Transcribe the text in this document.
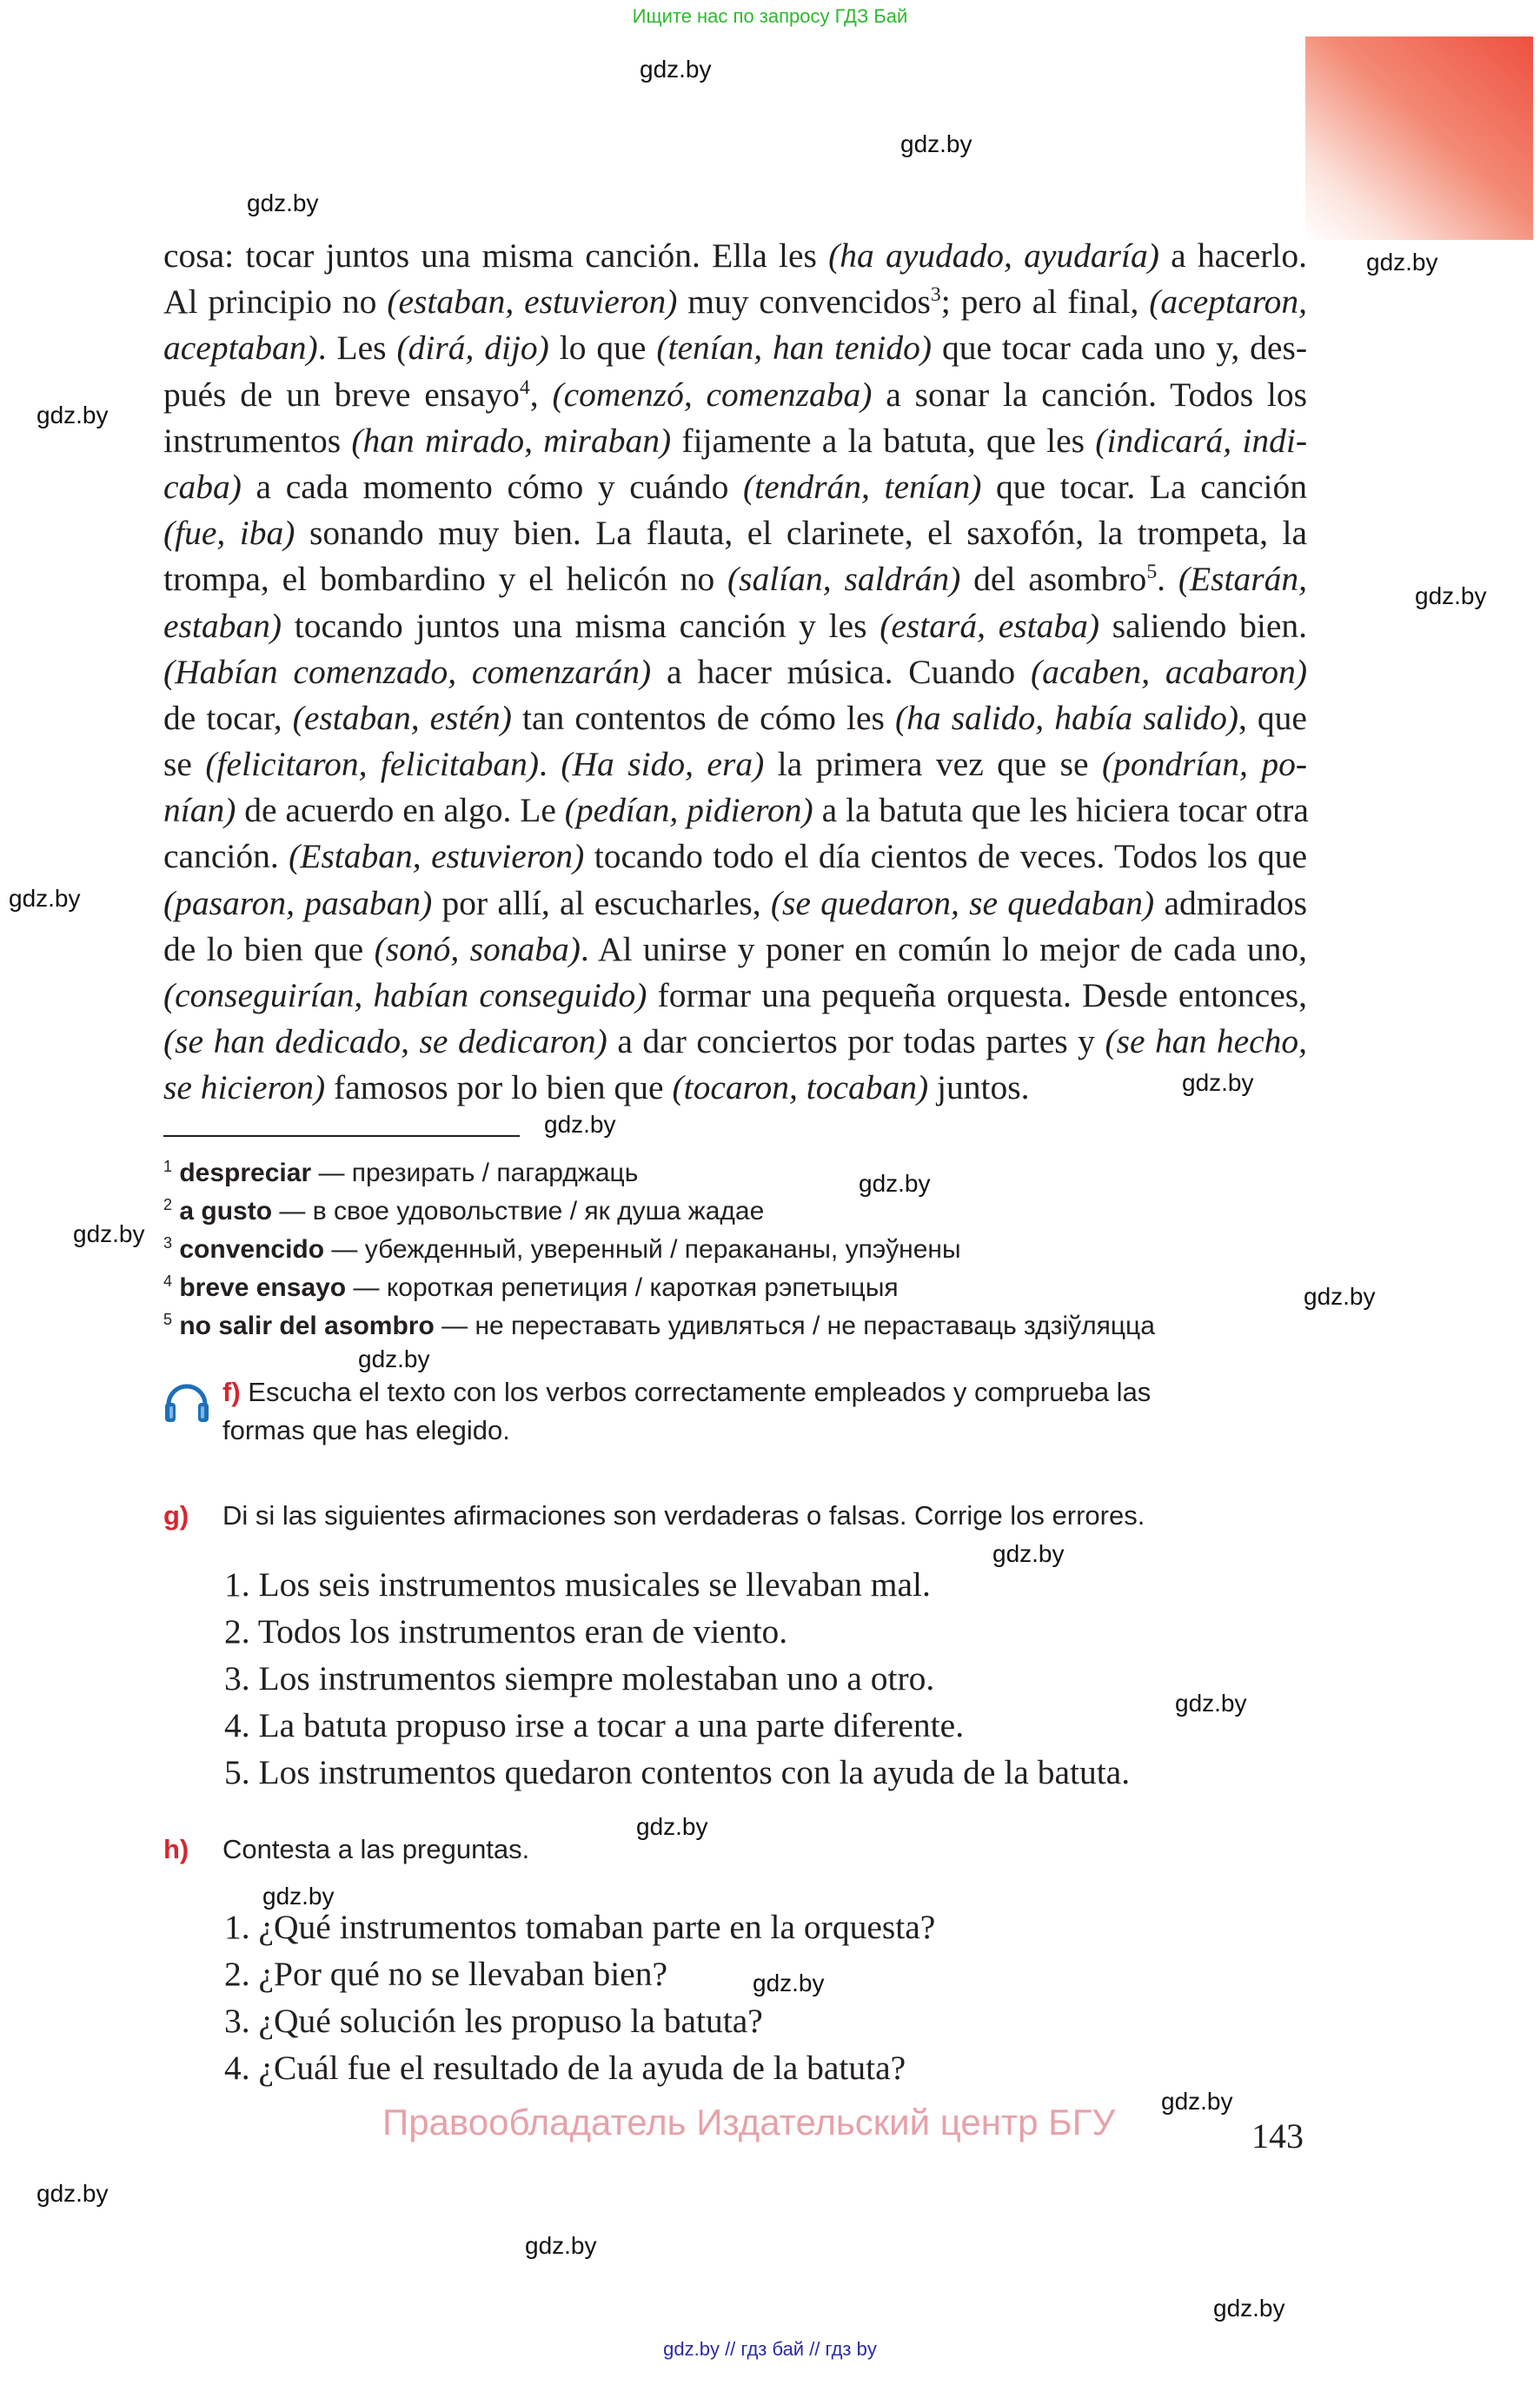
Ищите нас по запросу ГДЗ Бай
gdz.by
gdz.by
gdz.by
gdz.by
gdz.by
gdz.by
gdz.by
gdz.by
gdz.by
gdz.by
gdz.by
gdz.by
gdz.by
gdz.by
gdz.by
gdz.by
gdz.by
gdz.by
gdz.by
gdz.by
gdz.by
gdz.by
cosa: tocar juntos una misma canción. Ella les (ha ayudado, ayudaría) a hacerlo.
Al principio no (estaban, estuvieron) muy convencidos$^3$; pero al final, (aceptaron,
aceptaban). Les (dirá, dijo) lo que (tenían, han tenido) que tocar cada uno y, des-
pués de un breve ensayo$^4$, (comenzó, comenzaba) a sonar la canción. Todos los
instrumentos (han mirado, miraban) fijamente a la batuta, que les (indicará, indi-
caba) a cada momento cómo y cuándo (tendrán, tenían) que tocar. La canción
(fue, iba) sonando muy bien. La flauta, el clarinete, el saxofón, la trompeta, la
trompa, el bombardino y el helicón no (salían, saldrán) del asombro$^5$. (Estarán,
estaban) tocando juntos una misma canción y les (estará, estaba) saliendo bien.
(Habían comenzado, comenzarán) a hacer música. Cuando (acaben, acabaron)
de tocar, (estaban, estén) tan contentos de cómo les (ha salido, había salido), que
se (felicitaron, felicitaban). (Ha sido, era) la primera vez que se (pondrían, po-
nían) de acuerdo en algo. Le (pedían, pidieron) a la batuta que les hiciera tocar otra
canción. (Estaban, estuvieron) tocando todo el día cientos de veces. Todos los que
(pasaron, pasaban) por allí, al escucharles, (se quedaron, se quedaban) admirados
de lo bien que (sonó, sonaba). Al unirse y poner en común lo mejor de cada uno,
(conseguirían, habían conseguido) formar una pequeña orquesta. Desde entonces,
(se han dedicado, se dedicaron) a dar conciertos por todas partes y (se han hecho,
se hicieron) famosos por lo bien que (tocaron, tocaban) juntos.
$^1$ despreciar — презирать / пагарджаць
$^2$ a gusto — в свое удовольствие / як душа жадае
$^3$ convencido — убежденный, уверенный / перакананы, упэўнены
$^4$ breve ensayo — короткая репетиция / кароткая рэпетыцыя
$^5$ no salir del asombro — не переставать удивляться / не пераставаць здзіўляцца
f) Escucha el texto con los verbos correctamente empleados y comprueba las
formas que has elegido.
g) Di si las siguientes afirmaciones son verdaderas o falsas. Corrige los errores.
1. Los seis instrumentos musicales se llevaban mal.
2. Todos los instrumentos eran de viento.
3. Los instrumentos siempre molestaban uno a otro.
4. La batuta propuso irse a tocar a una parte diferente.
5. Los instrumentos quedaron contentos con la ayuda de la batuta.
h) Contesta a las preguntas.
1. ¿Qué instrumentos tomaban parte en la orquesta?
2. ¿Por qué no se llevaban bien?
3. ¿Qué solución les propuso la batuta?
4. ¿Cuál fue el resultado de la ayuda de la batuta?
Правообладатель Издательский центр БГУ	143
gdz.by // гдз бай // гдз by
